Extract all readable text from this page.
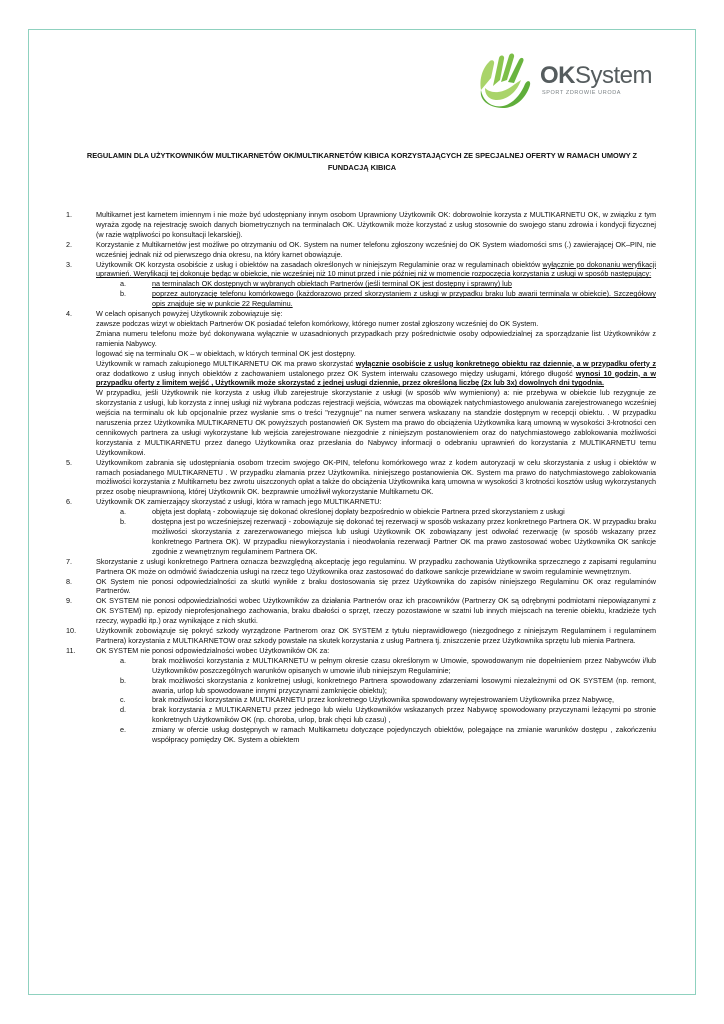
OKSystem
SPORT ZDROWIE URODA
REGULAMIN DLA UŻYTKOWNIKÓW MULTIKARNETÓW OK/MULTIKARNETÓW KIBICA KORZYSTAJĄCYCH ZE SPECJALNEJ OFERTY W RAMACH UMOWY Z FUNDACJĄ KIBICA
1.	Multikarnet jest karnetem imiennym i nie może być udostępniany innym osobom Uprawniony Użytkownik OK: dobrowolnie korzysta z MULTIKARNETU OK, w związku z tym wyraża zgodę na rejestrację swoich danych biometrycznych na terminalach OK. Użytkownik może korzystać z usług stosownie do swojego stanu zdrowia i kondycji fizycznej (w razie wątpliwości po konsultacji lekarskiej).
2.	Korzystanie z Multikarnetów jest możliwe po otrzymaniu od OK. System na numer telefonu zgłoszony wcześniej do OK System wiadomości sms (.) zawierającej OK–PIN, nie wcześniej jednak niż od pierwszego dnia okresu, na który karnet obowiązuje.
3.	Użytkownik OK korzysta osobiście z usług i obiektów na zasadach określonych w niniejszym Regulaminie oraz w regulaminach obiektów wyłącznie po dokonaniu weryfikacji uprawnień. Weryfikacji tej dokonuje będąc w obiekcie, nie wcześniej niż 10 minut przed i nie później niż w momencie rozpoczęcia korzystania z usługi w sposób następujący:
a.	na terminalach OK dostępnych w wybranych obiektach Partnerów (jeśli terminal OK jest dostępny i sprawny) lub
b.	poprzez autoryzację telefonu komórkowego (każdorazowo przed skorzystaniem z usługi w przypadku braku lub awarii terminala w obiekcie). Szczegółowy opis znajduje się w punkcie 22 Regulaminu.
4.	W celach opisanych powyżej Użytkownik zobowiązuje się:
zawsze podczas wizyt w obiektach Partnerów OK posiadać telefon komórkowy, którego numer został zgłoszony wcześniej do OK System.
Zmiana numeru telefonu może być dokonywana wyłącznie w uzasadnionych przypadkach przy pośrednictwie osoby odpowiedzialnej za sporządzanie list Użytkowników z ramienia Nabywcy.
logować się na terminalu OK – w obiektach, w których terminal OK jest dostępny.
Użytkownik w ramach zakupionego MULTIKARNETU OK ma prawo skorzystać wyłącznie osobiście z usług konkretnego obiektu raz dziennie, a w przypadku oferty z oraz dodatkowo z usług innych obiektów z zachowaniem ustalonego przez OK System interwału czasowego między usługami, którego długość wynosi 10 godzin, a w przypadku oferty z limitem wejść , Użytkownik może skorzystać z jednej usługi dziennie, przez określoną liczbę (2x lub 3x) dowolnych dni tygodnia.
W przypadku, jeśli Użytkownik nie korzysta z usług i/lub zarejestruje skorzystanie z usługi (w sposób w/w wymieniony) a: nie przebywa w obiekcie lub rezygnuje ze skorzystania z usługi, lub korzysta z innej usługi niż wybrana podczas rejestracji wejścia, wówczas ma obowiązek natychmiastowego anulowania zarejestrowanego wcześniej wejścia na terminalu ok lub opcjonalnie przez wysłanie sms o treści "rezygnuje" na numer serwera wskazany na standzie dostępnym w recepcji obiektu. . W przypadku naruszenia przez Użytkownika MULTIKARNETU OK powyższych postanowień OK System ma prawo do obciążenia Użytkownika karą umowną w wysokości 3-krotności cen cennikowych partnera za usługi wykorzystane lub wejścia zarejestrowane niezgodnie z niniejszym postanowieniem oraz do natychmiastowego zablokowania możliwości korzystania z MULTIKARNETU przez danego Użytkownika oraz przesłania do Nabywcy informacji o odebraniu uprawnień do korzystania z MULTIKARNETU temu Użytkownikowi.
5.	Użytkownikom zabrania się udostępniania osobom trzecim swojego OK-PIN, telefonu komórkowego wraz z kodem autoryzacji w celu skorzystania z usług i obiektów w ramach posiadanego MULTIKARNETU . W przypadku złamania przez Użytkownika. niniejszego postanowienia OK. System ma prawo do natychmiastowego zablokowania możliwości korzystania z Multikarnetu bez zwrotu uiszczonych opłat a także do obciążenia Użytkownika karą umowna w wysokości 3 krotności kosztów usług wykorzystanych przez osobę nieuprawnioną, której Użytkownik OK. bezprawnie umożliwił wykorzystanie Multikarnetu OK.
6.	Użytkownik OK zamierzający skorzystać z usługi, która w ramach jego MULTIKARNETU:
a.	objęta jest dopłatą - zobowiązuje się dokonać określonej dopłaty bezpośrednio w obiekcie Partnera przed skorzystaniem z usługi
b.	dostępna jest po wcześniejszej rezerwacji - zobowiązuje się dokonać tej rezerwacji w sposób wskazany przez konkretnego Partnera OK. W przypadku braku możliwości skorzystania z zarezerwowanego miejsca lub usługi Użytkownik OK zobowiązany jest odwołać rezerwację (w sposób wskazany przez konkretnego Partnera OK). W przypadku niewykorzystania i nieodwołania rezerwacji Partner OK ma prawo zastosować wobec Użytkownika OK sankcje zgodnie z wewnętrznym regulaminem Partnera OK.
7.	Skorzystanie z usługi konkretnego Partnera oznacza bezwzględną akceptację jego regulaminu. W przypadku zachowania Użytkownika sprzecznego z zapisami regulaminu Partnera OK może on odmówić świadczenia usługi na rzecz tego Użytkownika oraz zastosować do datkowe sankcje przewidziane w swoim regulaminie wewnętrznym.
8.	OK System nie ponosi odpowiedzialności za skutki wynikłe z braku dostosowania się przez Użytkownika do zapisów niniejszego Regulaminu OK oraz regulaminów Partnerów.
9.	OK SYSTEM nie ponosi odpowiedzialności wobec Użytkowników za działania Partnerów oraz ich pracowników (Partnerzy OK są odrębnymi podmiotami niepowiązanymi z OK SYSTEM) np. epizody nieprofesjonalnego zachowania, braku dbałości o sprzęt, rzeczy pozostawione w szatni lub innych miejscach na terenie obiektu, kradzieże tych rzeczy, wypadki itp.) oraz wynikające z nich skutki.
10.	Użytkownik zobowiązuje się pokryć szkody wyrządzone Partnerom oraz OK SYSTEM z tytułu nieprawidłowego (niezgodnego z niniejszym Regulaminem i regulaminem Partnera) korzystania z MULTIKARNETOW oraz szkody powstałe na skutek korzystania z usług Partnera tj. zniszczenie przez Użytkownika sprzętu lub mienia Partnera.
11.	OK SYSTEM nie ponosi odpowiedzialności wobec Użytkowników OK za:
a.	brak możliwości korzystania z MULTIKARNETU w pełnym okresie czasu określonym w Umowie, spowodowanym nie dopełnieniem przez Nabywców i/lub Użytkowników poszczególnych warunków opisanych w umowie i/lub niniejszym Regulaminie;
b.	brak możliwości skorzystania z konkretnej usługi, konkretnego Partnera spowodowany zdarzeniami losowymi niezależnymi od OK SYSTEM (np. remont, awaria, urlop lub spowodowane innymi przyczynami zamknięcie obiektu);
c.	brak możliwości korzystania z MULTIKARNETU przez konkretnego Użytkownika spowodowany wyrejestrowaniem Użytkownika przez Nabywcę,
d.	brak korzystania z MULTIKARNETU przez jednego lub wielu Użytkowników wskazanych przez Nabywcę spowodowany przyczynami leżącymi po stronie konkretnych Użytkowników OK (np. choroba, urlop, brak chęci lub czasu) ,
e.	zmiany w ofercie usług dostępnych w ramach Multikarnetu dotyczące pojedynczych obiektów, polegające na zmianie warunków dostępu , zakończeniu współpracy pomiędzy OK. System a obiektem
